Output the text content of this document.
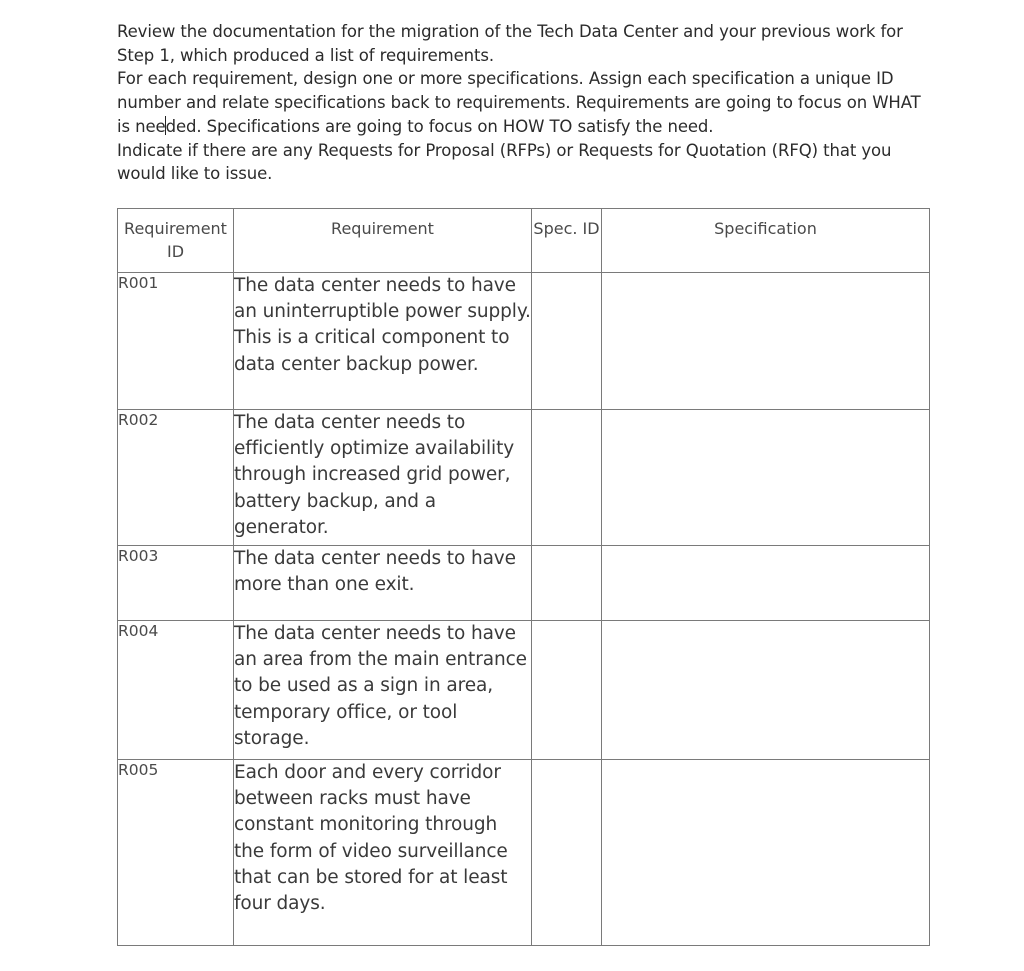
Review the documentation for the migration of the Tech Data Center and your previous work for Step 1, which produced a list of requirements.

For each requirement, design one or more specifications. Assign each specification a unique ID number and relate specifications back to requirements. Requirements are going to focus on WHAT is needed. Specifications are going to focus on HOW TO satisfy the need.

Indicate if there are any Requests for Proposal (RFPs) or Requests for Quotation (RFQ) that you would like to issue.

Requirement ID	Requirement	Spec. ID	Specification
R001	The data center needs to have an uninterruptible power supply. This is a critical component to data center backup power.		
R002	The data center needs to efficiently optimize availability through increased grid power, battery backup, and a generator.		
R003	The data center needs to have more than one exit.		
R004	The data center needs to have an area from the main entrance to be used as a sign in area, temporary office, or tool storage.		
R005	Each door and every corridor between racks must have constant monitoring through the form of video surveillance that can be stored for at least four days.		
